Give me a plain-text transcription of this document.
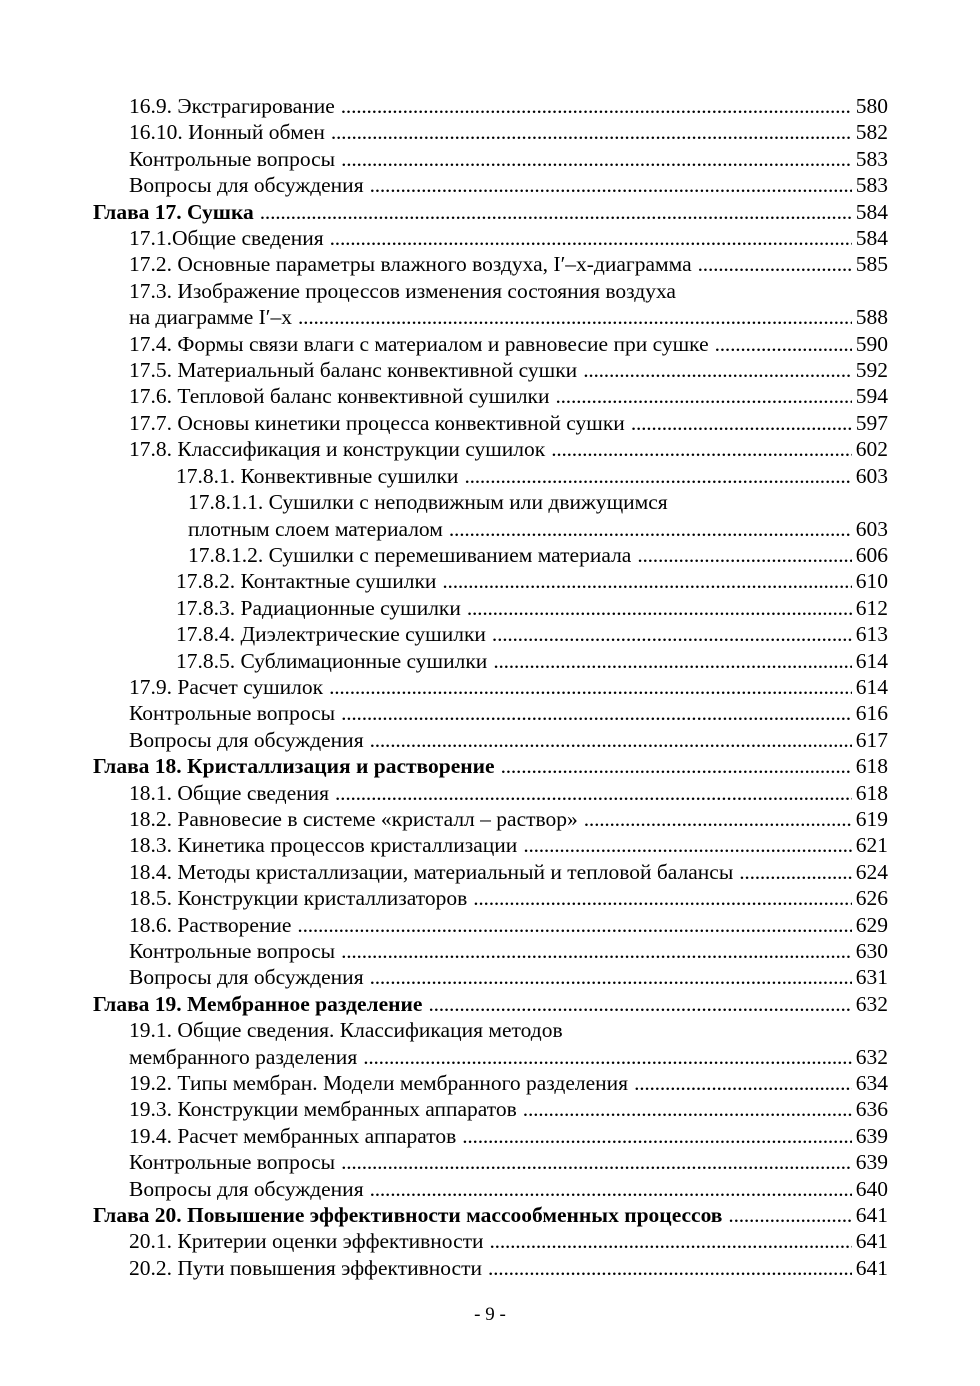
16.9. Экстрагирование . . .	580
16.10. Ионный обмен . . .	582
Контрольные вопросы . . .	583
Вопросы для обсуждения . . .	583
Глава 17. Сушка . . .	584
17.1.Общие сведения . . .	584
17.2. Основные параметры влажного воздуха, I′–x-диаграмма . . .	585
17.3. Изображение процессов изменения состояния воздуха
на диаграмме I′–x . . .	588
17.4. Формы связи влаги с материалом и равновесие при сушке . . .	590
17.5. Материальный баланс конвективной сушки . . .	592
17.6. Тепловой баланс конвективной сушилки . . .	594
17.7. Основы кинетики процесса конвективной сушки . . .	597
17.8. Классификация и конструкции сушилок . . .	602
17.8.1. Конвективные сушилки . . .	603
17.8.1.1. Сушилки с неподвижным или движущимся
плотным слоем материалом . . .	603
17.8.1.2. Сушилки с перемешиванием материала . . .	606
17.8.2. Контактные сушилки . . .	610
17.8.3. Радиационные сушилки . . .	612
17.8.4. Диэлектрические сушилки . . .	613
17.8.5. Сублимационные сушилки . . .	614
17.9. Расчет сушилок . . .	614
Контрольные вопросы . . .	616
Вопросы для обсуждения . . .	617
Глава 18. Кристаллизация и растворение . . .	618
18.1. Общие сведения . . .	618
18.2. Равновесие в системе «кристалл – раствор» . . .	619
18.3. Кинетика процессов кристаллизации . . .	621
18.4. Методы кристаллизации, материальный и тепловой балансы . . .	624
18.5. Конструкции кристаллизаторов . . .	626
18.6. Растворение . . .	629
Контрольные вопросы . . .	630
Вопросы для обсуждения . . .	631
Глава 19. Мембранное разделение . . .	632
19.1. Общие сведения. Классификация методов
мембранного разделения . . .	632
19.2. Типы мембран. Модели мембранного разделения . . .	634
19.3. Конструкции мембранных аппаратов . . .	636
19.4. Расчет мембранных аппаратов . . .	639
Контрольные вопросы . . .	639
Вопросы для обсуждения . . .	640
Глава 20. Повышение эффективности массообменных процессов . . .	641
20.1. Критерии оценки эффективности . . .	641
20.2. Пути повышения эффективности . . .	641
- 9 -
